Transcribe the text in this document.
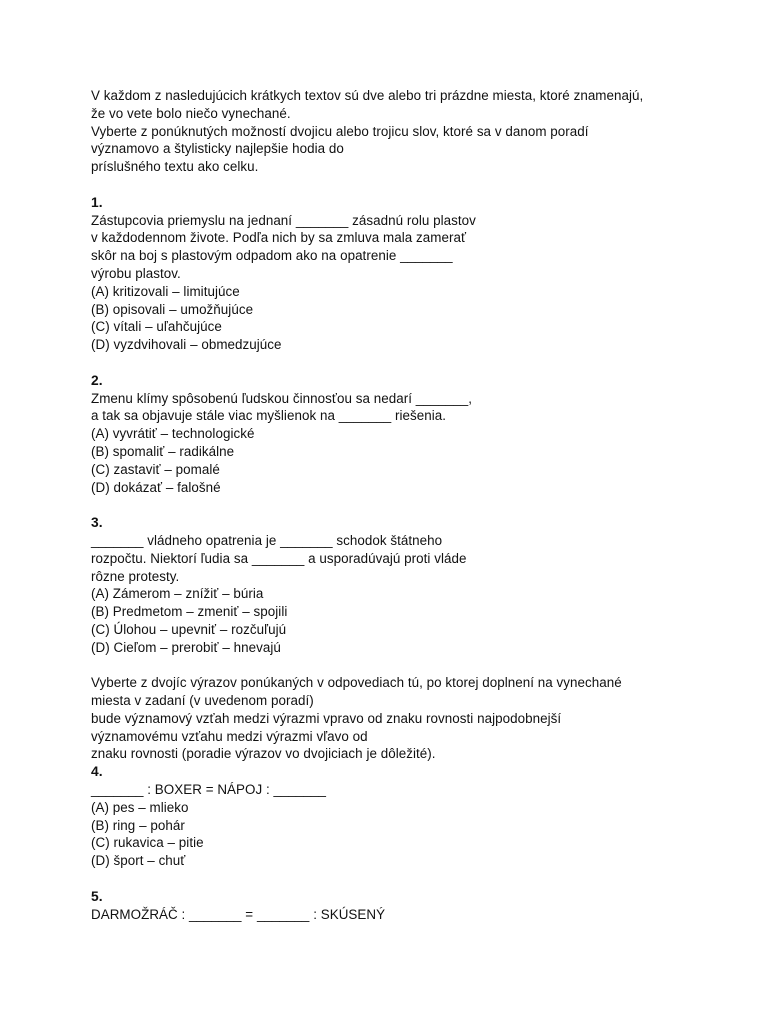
V každom z nasledujúcich krátkych textov sú dve alebo tri prázdne miesta, ktoré znamenajú,
že vo vete bolo niečo vynechané.
Vyberte z ponúknutých možností dvojicu alebo trojicu slov, ktoré sa v danom poradí
významovo a štylisticky najlepšie hodia do
príslušného textu ako celku.
1.
Zástupcovia priemyslu na jednaní _______ zásadnú rolu plastov
v každodennom živote. Podľa nich by sa zmluva mala zamerať
skôr na boj s plastovým odpadom ako na opatrenie _______
výrobu plastov.
(A) kritizovali – limitujúce
(B) opisovali – umožňujúce
(C) vítali – uľahčujúce
(D) vyzdvihovali – obmedzujúce
2.
Zmenu klímy spôsobenú ľudskou činnosťou sa nedarí _______,
a tak sa objavuje stále viac myšlienok na _______ riešenia.
(A) vyvrátiť – technologické
(B) spomaliť – radikálne
(C) zastaviť – pomalé
(D) dokázať – falošné
3.
_______ vládneho opatrenia je _______ schodok štátneho
rozpočtu. Niektorí ľudia sa _______ a usporadúvajú proti vláde
rôzne protesty.
(A) Zámerom – znížiť – búria
(B) Predmetom – zmeniť – spojili
(C) Úlohou – upevniť – rozčuľujú
(D) Cieľom – prerobiť – hnevajú
Vyberte z dvojíc výrazov ponúkaných v odpovediach tú, po ktorej doplnení na vynechané
miesta v zadaní (v uvedenom poradí)
bude významový vzťah medzi výrazmi vpravo od znaku rovnosti najpodobnejší
významovému vzťahu medzi výrazmi vľavo od
znaku rovnosti (poradie výrazov vo dvojiciach je dôležité).
4.
_______ : BOXER = NÁPOJ : _______
(A) pes – mlieko
(B) ring – pohár
(C) rukavica – pitie
(D) šport – chuť
5.
DARMOŽRÁČ : _______ = _______ : SKÚSENÝ
